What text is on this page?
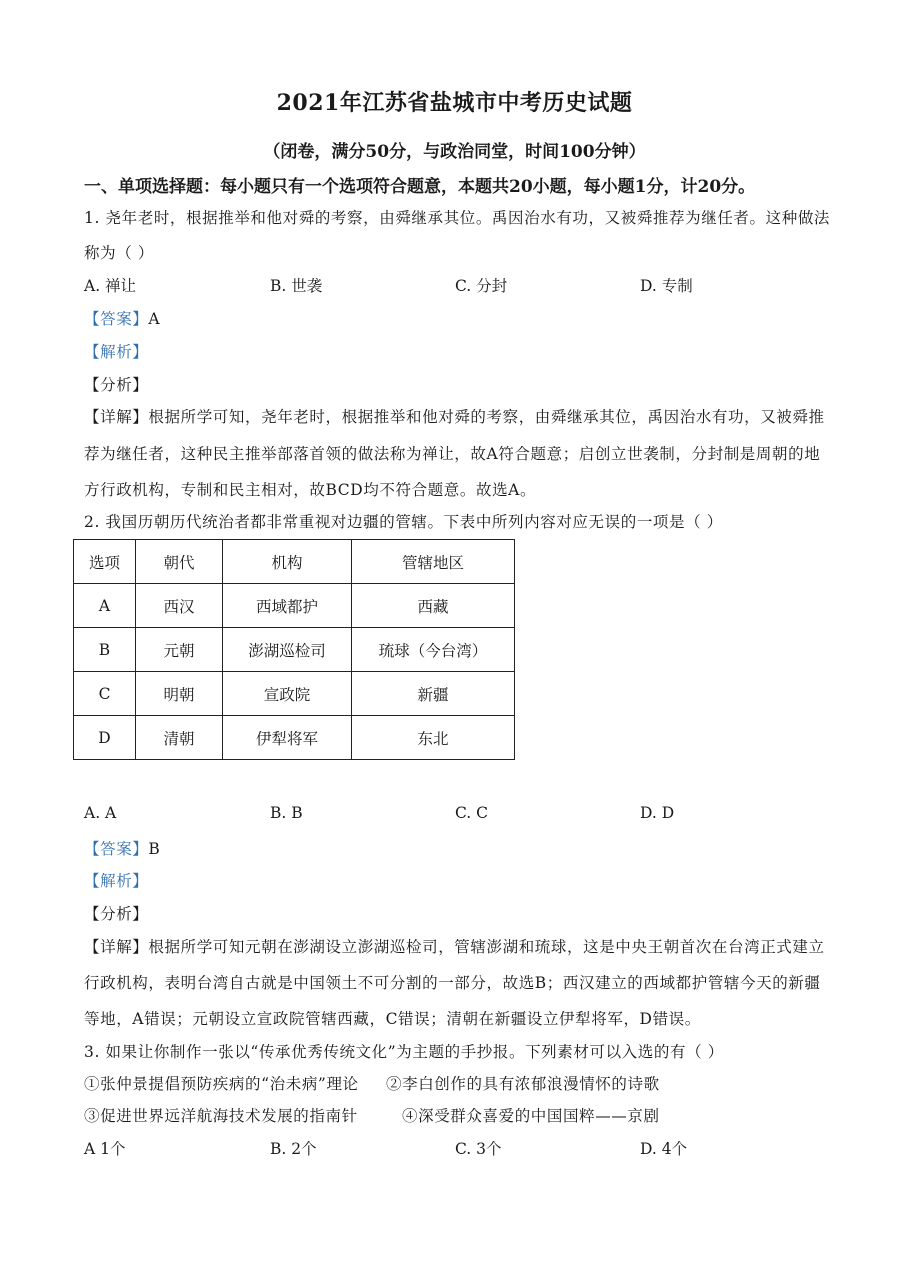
2021年江苏省盐城市中考历史试题
（闭卷，满分50分，与政治同堂，时间100分钟）
一、单项选择题：每小题只有一个选项符合题意，本题共20小题，每小题1分，计20分。
1. 尧年老时，根据推举和他对舜的考察，由舜继承其位。禹因治水有功，又被舜推荐为继任者。这种做法
称为（ ）
A. 禅让	B. 世袭	C. 分封	D. 专制
【答案】A
【解析】
【分析】
【详解】根据所学可知，尧年老时，根据推举和他对舜的考察，由舜继承其位，禹因治水有功，又被舜推
荐为继任者，这种民主推举部落首领的做法称为禅让，故A符合题意；启创立世袭制，分封制是周朝的地
方行政机构，专制和民主相对，故BCD均不符合题意。故选A。
2. 我国历朝历代统治者都非常重视对边疆的管辖。下表中所列内容对应无误的一项是（ ）
选项	朝代	机构	管辖地区
A	西汉	西域都护	西藏
B	元朝	澎湖巡检司	琉球（今台湾）
C	明朝	宣政院	新疆
D	清朝	伊犁将军	东北
A. A	B. B	C. C	D. D
【答案】B
【解析】
【分析】
【详解】根据所学可知元朝在澎湖设立澎湖巡检司，管辖澎湖和琉球，这是中央王朝首次在台湾正式建立
行政机构，表明台湾自古就是中国领土不可分割的一部分，故选B；西汉建立的西域都护管辖今天的新疆
等地，A错误；元朝设立宣政院管辖西藏，C错误；清朝在新疆设立伊犁将军，D错误。
3. 如果让你制作一张以“传承优秀传统文化”为主题的手抄报。下列素材可以入选的有（ ）
①张仲景提倡预防疾病的“治未病”理论 ②李白创作的具有浓郁浪漫情怀的诗歌
③促进世界远洋航海技术发展的指南针	④深受群众喜爱的中国国粹——京剧
A 1个	B. 2个	C. 3个	D. 4个
